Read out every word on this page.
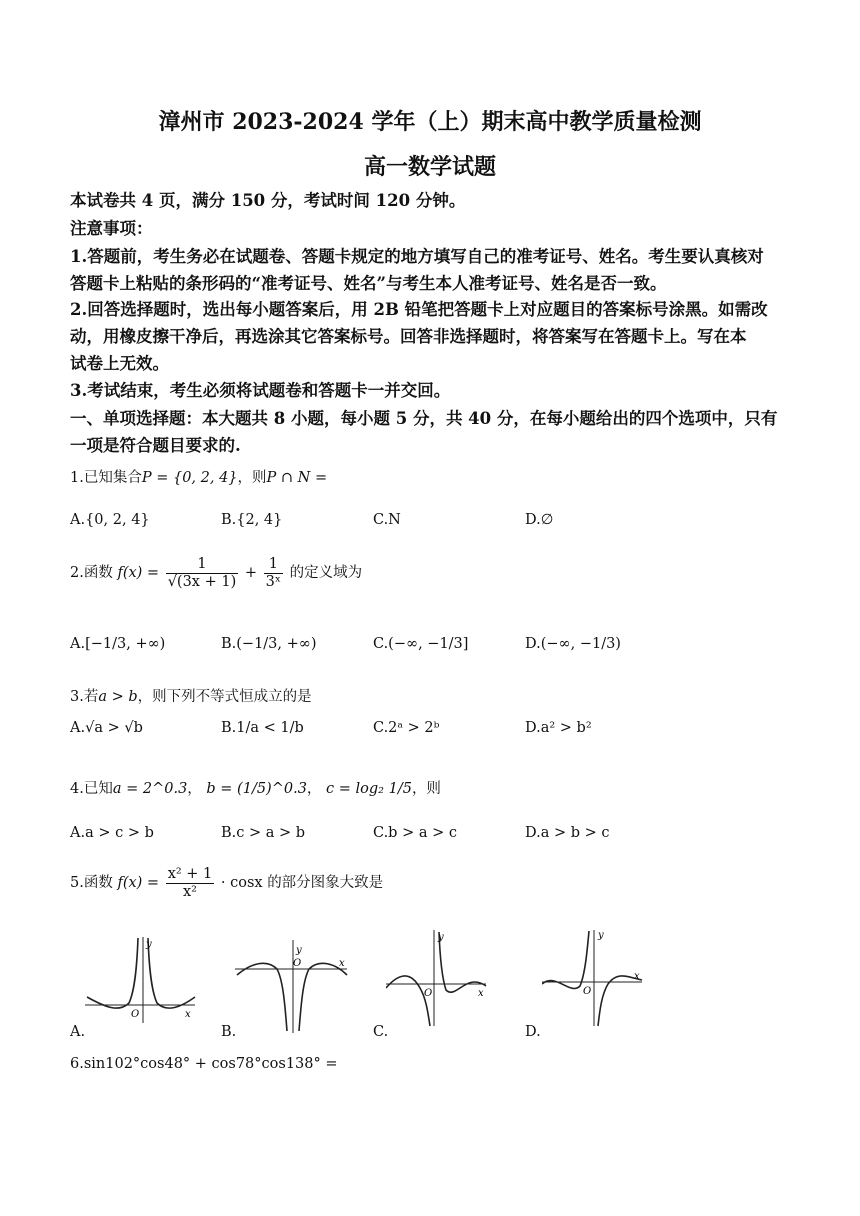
漳州市 2023-2024 学年（上）期末高中教学质量检测
高一数学试题
本试卷共 4 页，满分 150 分，考试时间 120 分钟。
注意事项：
1.答题前，考生务必在试题卷、答题卡规定的地方填写自己的准考证号、姓名。考生要认真核对
答题卡上粘贴的条形码的“准考证号、姓名”与考生本人准考证号、姓名是否一致。
2.回答选择题时，选出每小题答案后，用 2B 铅笔把答题卡上对应题目的答案标号涂黑。如需改
动，用橡皮擦干净后，再选涂其它答案标号。回答非选择题时，将答案写在答题卡上。写在本
试卷上无效。
3.考试结束，考生必须将试题卷和答题卡一并交回。
一、单项选择题：本大题共 8 小题，每小题 5 分，共 40 分，在每小题给出的四个选项中，只有
一项是符合题目要求的.
1.已知集合P = {0, 2, 4}，则P ∩ N =
A.{0, 2, 4}	B.{2, 4}	C.N	D.∅
2.函数 $f(x) = \frac{1}{√(3x + 1)} + \frac{1}{\text{3ˣ}}$ 的定义域为
A.[−1/3, +∞)	B.(−1/3, +∞)	C.(−∞, −1/3]	D.(−∞, −1/3)
3.若a > b，则下列不等式恒成立的是
A.√a > √b	B.1/a < 1/b	C.2ᵃ > 2ᵇ	D.a² > b²
4.已知a = 2^0.3， b = (1/5)^0.3， c = log₂ 1/5，则
A.a > c > b	B.c > a > b	C.b > a > c	D.a > b > c
5.函数 $f(x) = \frac{\text{x² + 1}}{\text{x²}} \cdot \cos x$ 的部分图象大致是
y
x
O
A.
y
x
O
B.
y
x
O
C.
y
x
O
D.
6.sin102°cos48° + cos78°cos138° =
